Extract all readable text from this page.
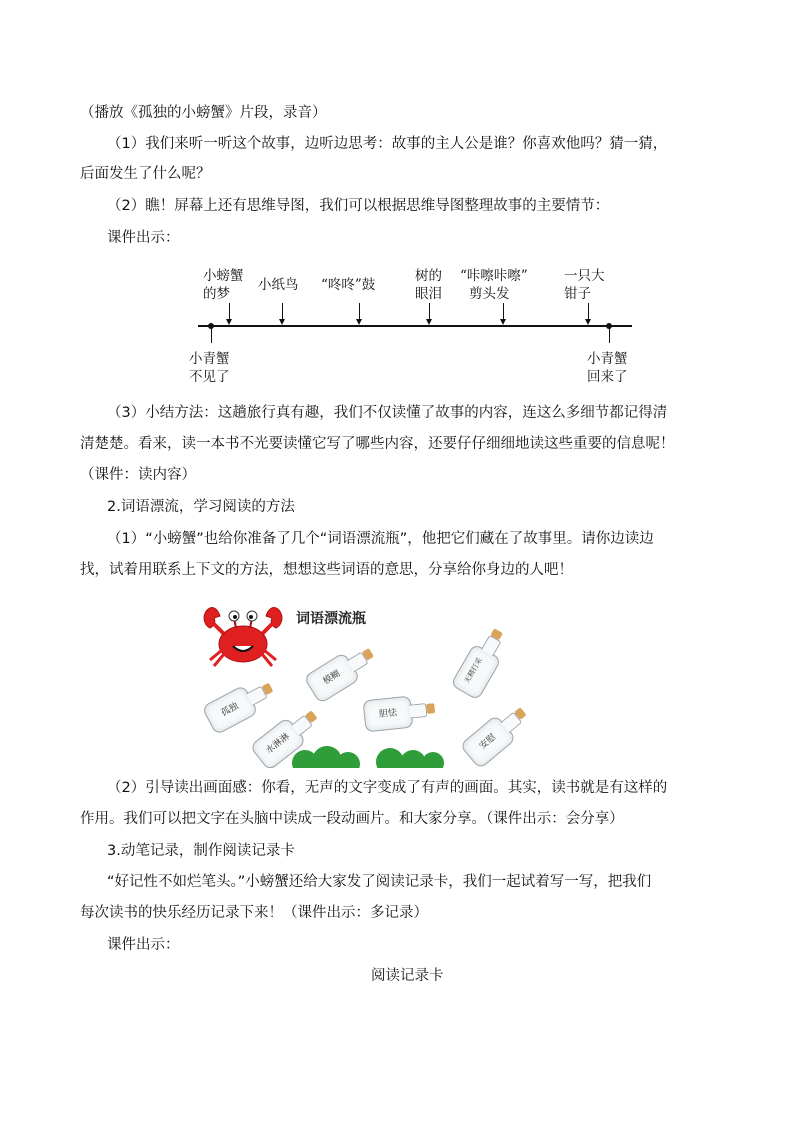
（播放《孤独的小螃蟹》片段，录音）
（1）我们来听一听这个故事，边听边思考：故事的主人公是谁？你喜欢他吗？猜一猜，
后面发生了什么呢？
（2）瞧！屏幕上还有思维导图，我们可以根据思维导图整理故事的主要情节：
课件出示：
小螃蟹
的梦
小纸鸟 “咚咚”鼓
树的
眼泪
“咔嚓咔嚓”
剪头发
一只大
钳子
小青蟹
不见了
小青蟹
回来了
（3）小结方法：这趟旅行真有趣，我们不仅读懂了故事的内容，连这么多细节都记得清
清楚楚。看来，读一本书不光要读懂它写了哪些内容，还要仔仔细细地读这些重要的信息呢！
（课件：读内容）
2.词语漂流，学习阅读的方法
（1）“小螃蟹”也给你准备了几个“词语漂流瓶”，他把它们藏在了故事里。请你边读边
找，试着用联系上下文的方法，想想这些词语的意思，分享给你身边的人吧！
孤独
模糊
胆怯
无精打采
水淋淋	安慰
词语漂流瓶
（2）引导读出画面感：你看，无声的文字变成了有声的画面。其实，读书就是有这样的
作用。我们可以把文字在头脑中读成一段动画片。和大家分享。（课件出示：会分享）
3.动笔记录，制作阅读记录卡
“好记性不如烂笔头。”小螃蟹还给大家发了阅读记录卡，我们一起试着写一写，把我们
每次读书的快乐经历记录下来！（课件出示：多记录）
课件出示：
阅读记录卡
